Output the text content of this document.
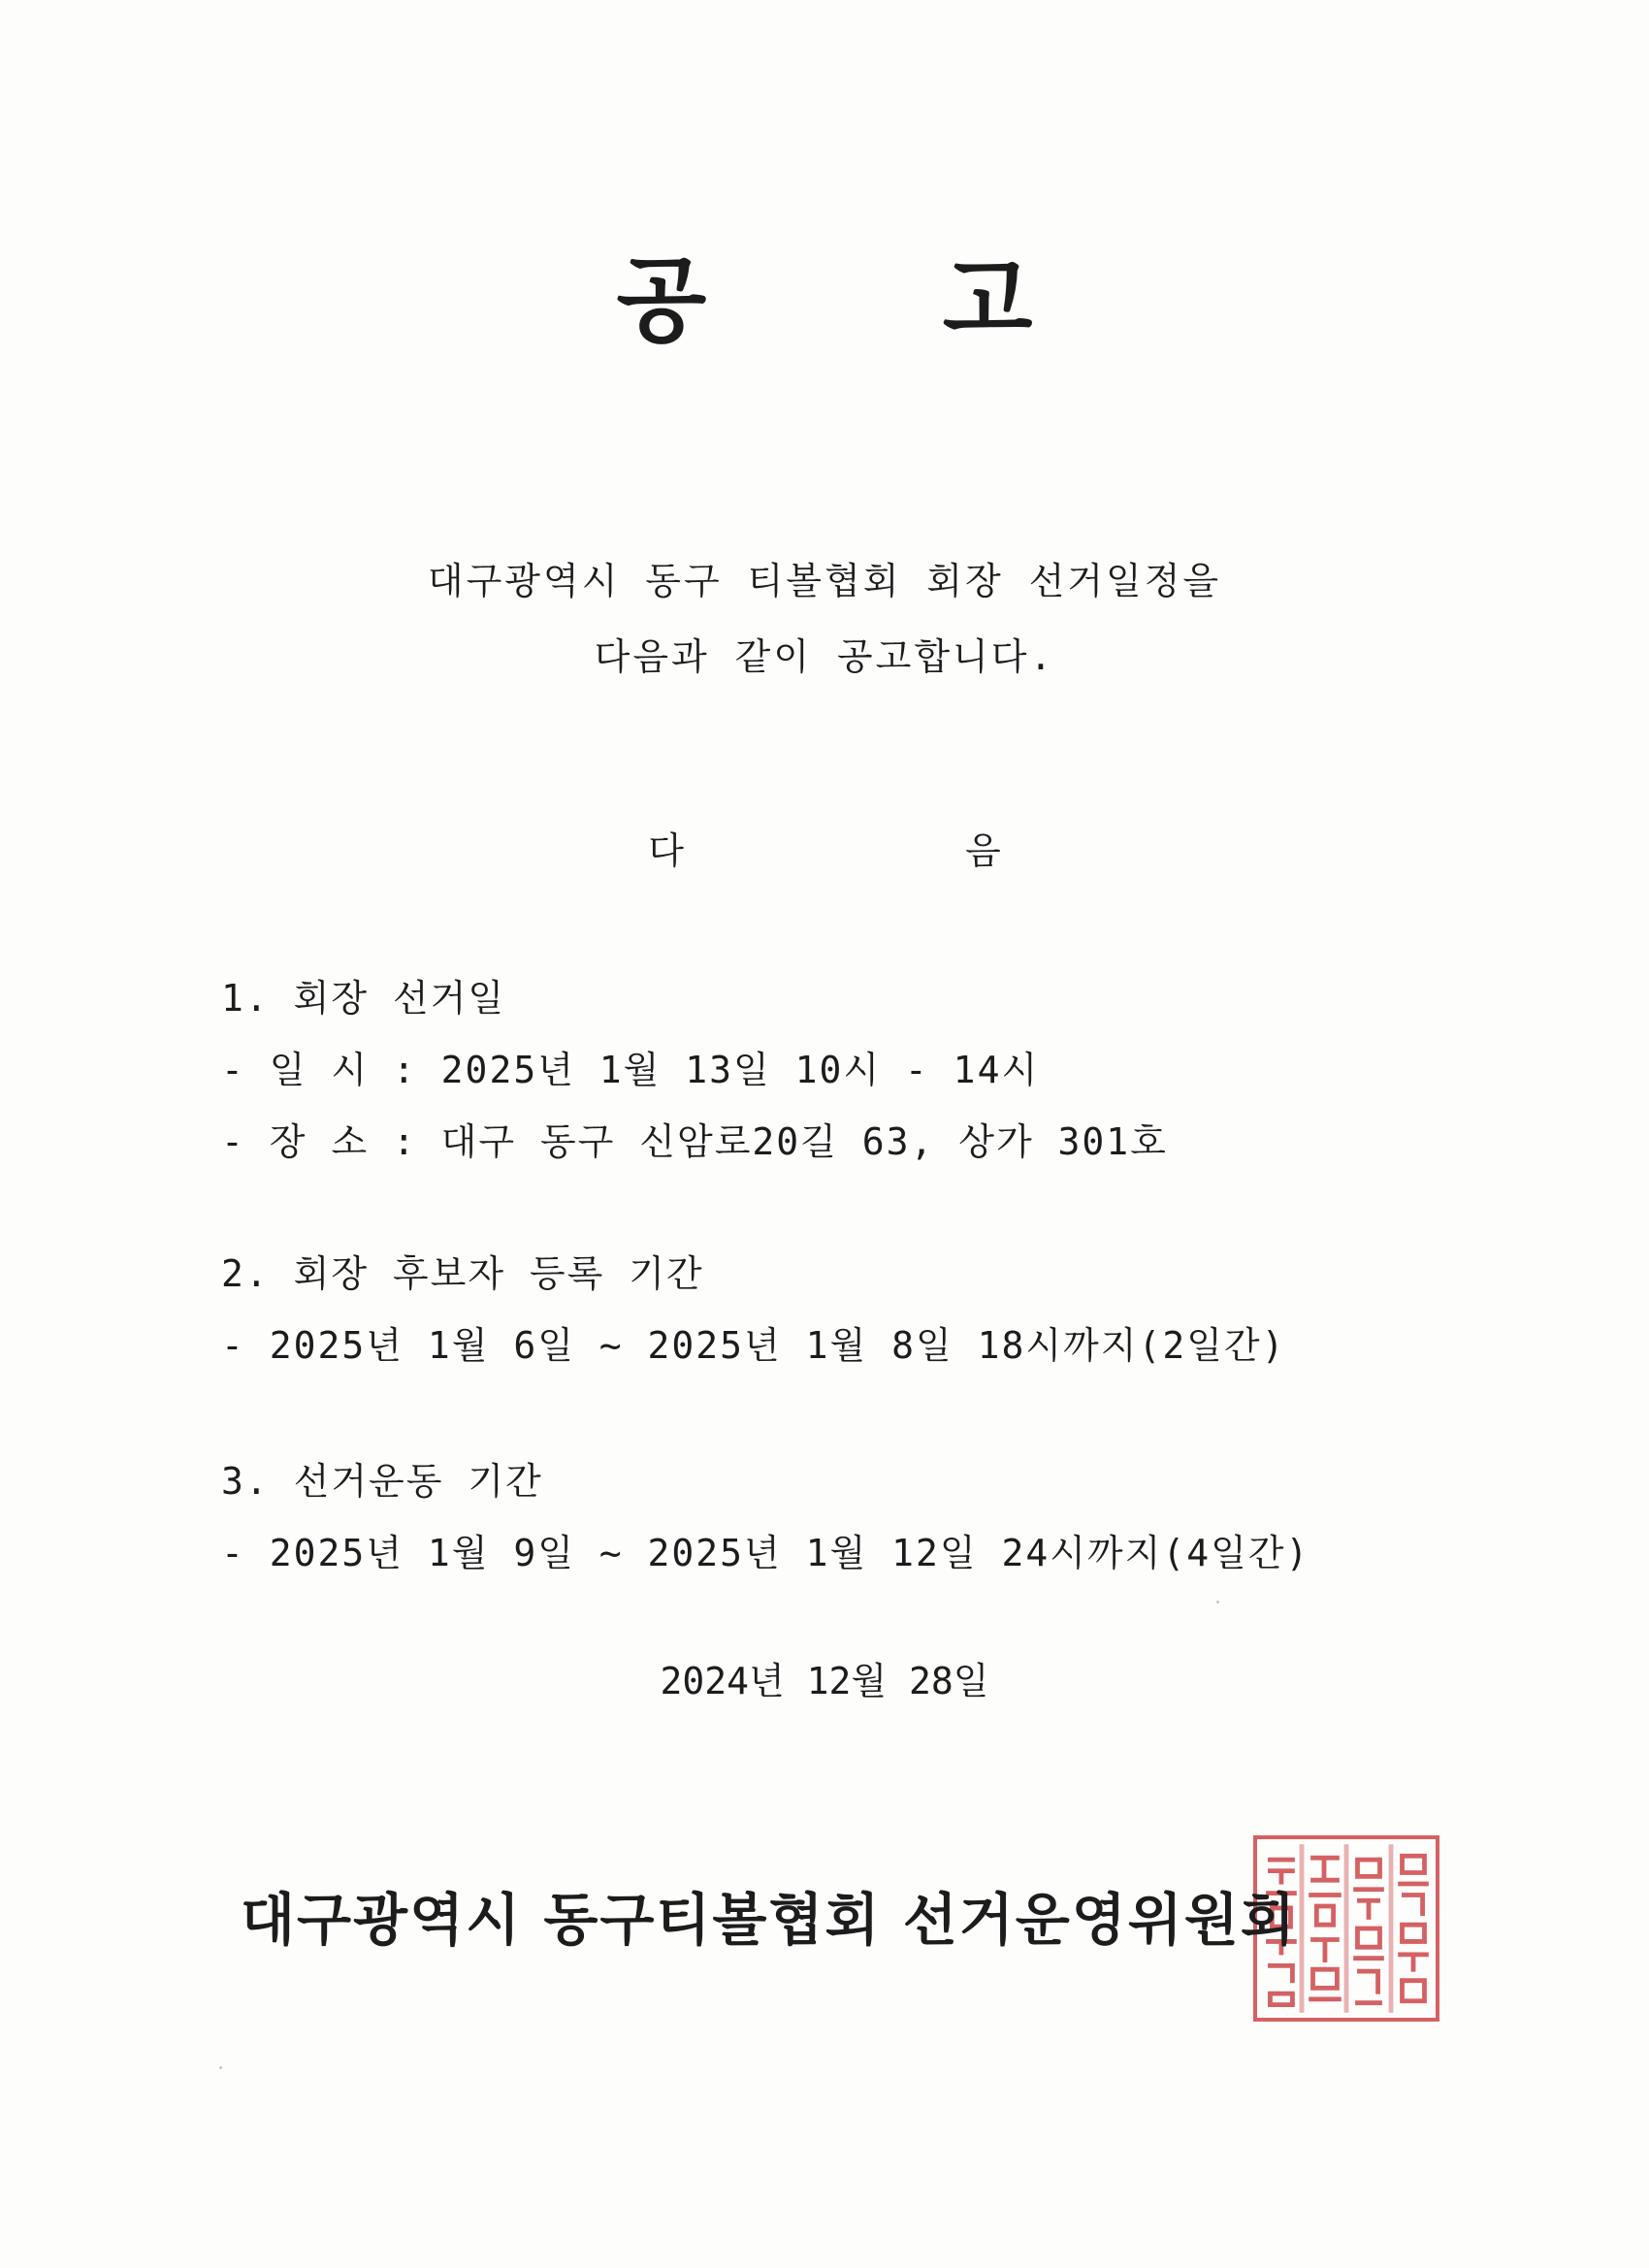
공 고
대구광역시 동구 티볼협회 회장 선거일정을
다음과 같이 공고합니다.
다음
1. 회장 선거일
- 일 시 : 2025년 1월 13일 10시 - 14시
- 장 소 : 대구 동구 신암로20길 63, 상가 301호
2. 회장 후보자 등록 기간
- 2025년 1월 6일 ~ 2025년 1월 8일 18시까지(2일간)
3. 선거운동 기간
- 2025년 1월 9일 ~ 2025년 1월 12일 24시까지(4일간)
2024년 12월 28일
대구광역시 동구티볼협회 선거운영위원회
